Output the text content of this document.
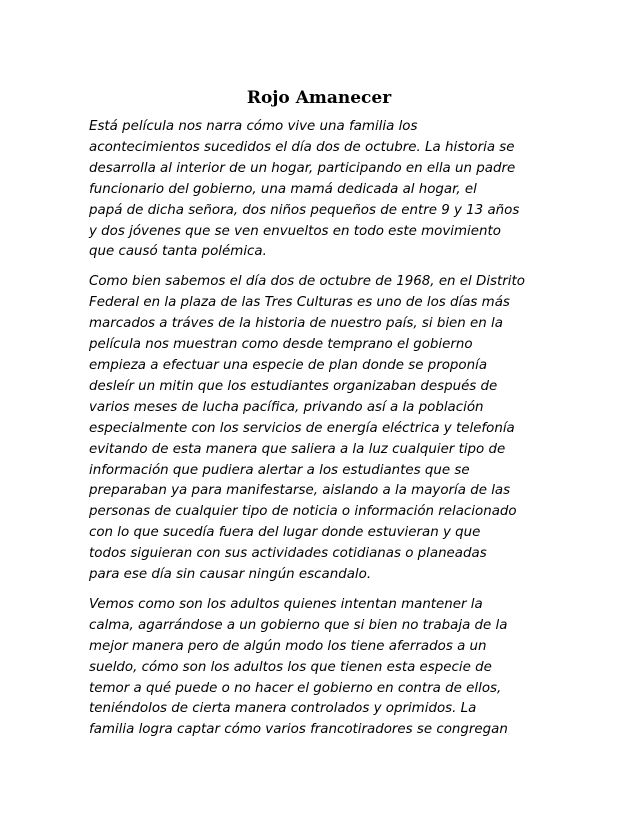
Rojo Amanecer

Está película nos narra cómo vive una familia los
acontecimientos sucedidos el día dos de octubre. La historia se
desarrolla al interior de un hogar, participando en ella un padre
funcionario del gobierno, una mamá dedicada al hogar, el
papá de dicha señora, dos niños pequeños de entre 9 y 13 años
y dos jóvenes que se ven envueltos en todo este movimiento
que causó tanta polémica.

Como bien sabemos el día dos de octubre de 1968, en el Distrito
Federal en la plaza de las Tres Culturas es uno de los días más
marcados a tráves de la historia de nuestro país, si bien en la
película nos muestran como desde temprano el gobierno
empieza a efectuar una especie de plan donde se proponía
desleír un mitin que los estudiantes organizaban después de
varios meses de lucha pacífica, privando así a la población
especialmente con los servicios de energía eléctrica y telefonía
evitando de esta manera que saliera a la luz cualquier tipo de
información que pudiera alertar a los estudiantes que se
preparaban ya para manifestarse, aislando a la mayoría de las
personas de cualquier tipo de noticia o información relacionado
con lo que sucedía fuera del lugar donde estuvieran y que
todos siguieran con sus actividades cotidianas o planeadas
para ese día sin causar ningún escandalo.

Vemos como son los adultos quienes intentan mantener la
calma, agarrándose a un gobierno que si bien no trabaja de la
mejor manera pero de algún modo los tiene aferrados a un
sueldo, cómo son los adultos los que tienen esta especie de
temor a qué puede o no hacer el gobierno en contra de ellos,
teniéndolos de cierta manera controlados y oprimidos. La
familia logra captar cómo varios francotiradores se congregan
